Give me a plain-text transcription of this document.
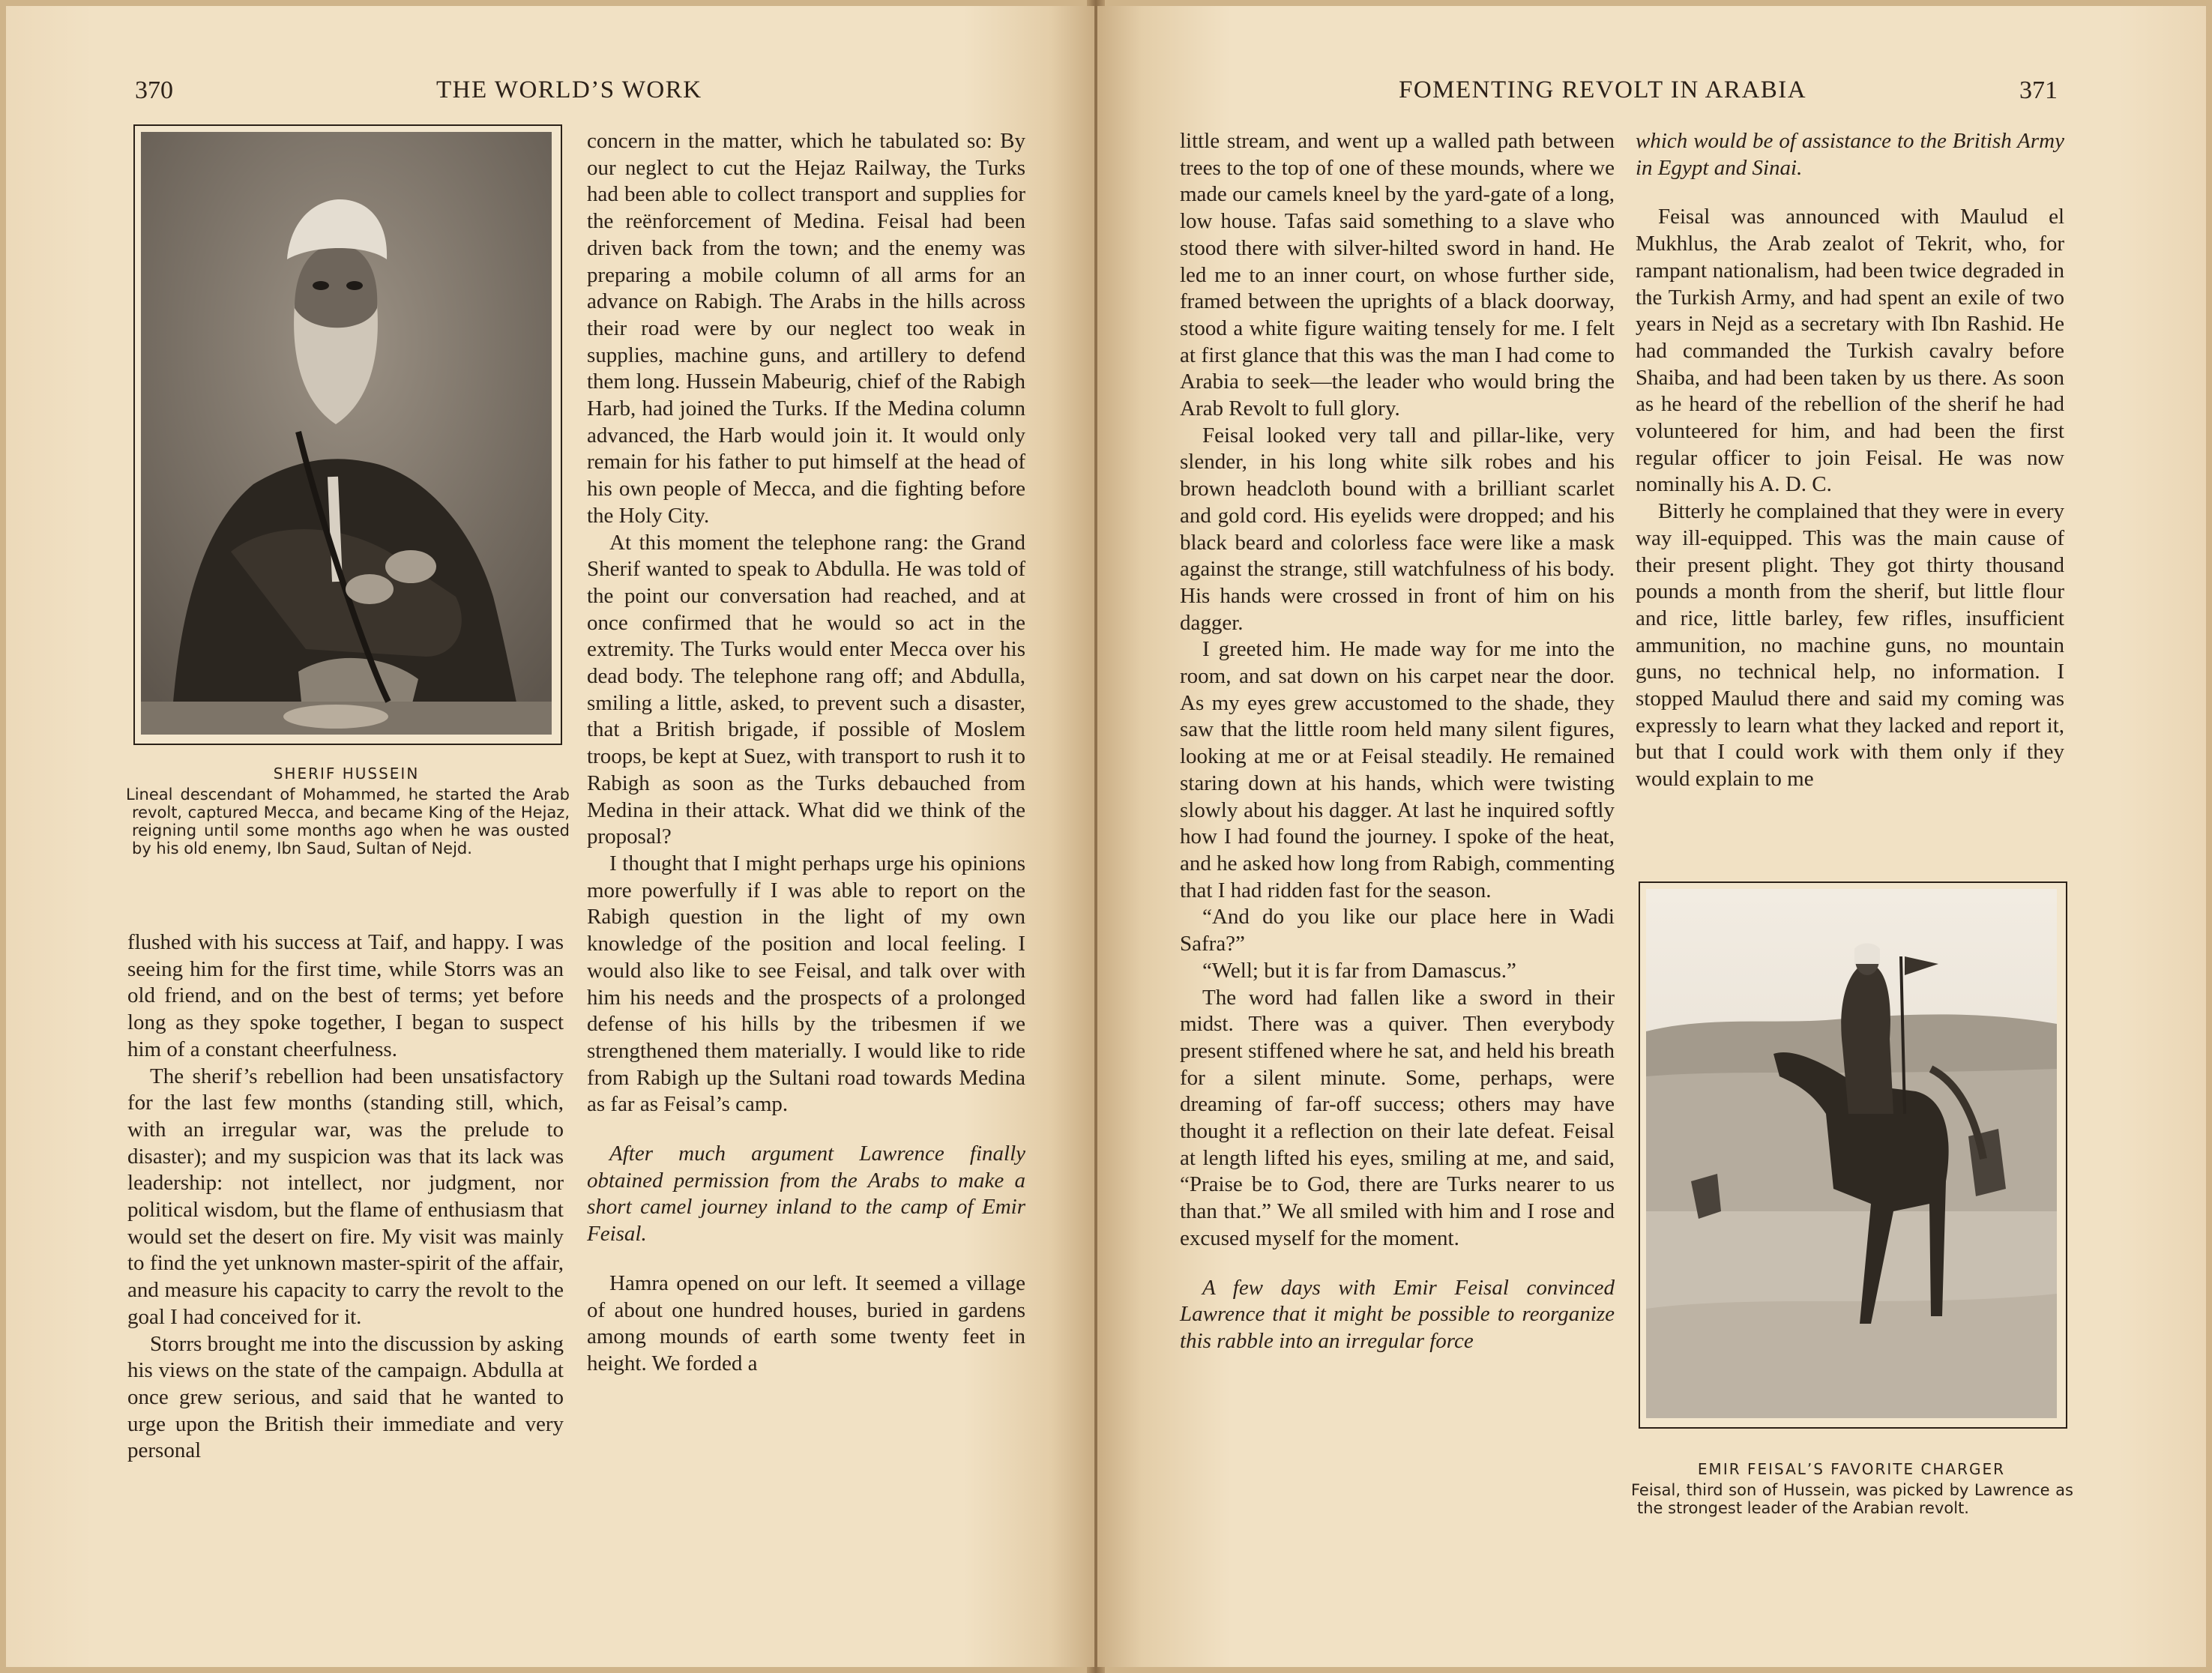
370	THE WORLD’S WORK
SHERIF HUSSEIN
Lineal descendant of Mohammed, he started the Arab revolt, captured Mecca, and became King of the Hejaz, reigning until some months ago when he was ousted by his old enemy, Ibn Saud, Sultan of Nejd.

flushed with his success at Taif, and happy. I was seeing him for the first time, while Storrs was an old friend, and on the best of terms; yet before long as they spoke together, I began to suspect him of a constant cheerfulness.

The sherif’s rebellion had been unsatisfactory for the last few months (standing still, which, with an irregular war, was the prelude to disaster); and my suspicion was that its lack was leadership: not intellect, nor judgment, nor political wisdom, but the flame of enthusiasm that would set the desert on fire. My visit was mainly to find the yet unknown master-spirit of the affair, and measure his capacity to carry the revolt to the goal I had conceived for it.

Storrs brought me into the discussion by asking his views on the state of the campaign. Abdulla at once grew serious, and said that he wanted to urge upon the British their immediate and very personal

concern in the matter, which he tabulated so: By our neglect to cut the Hejaz Railway, the Turks had been able to collect transport and supplies for the reënforcement of Medina. Feisal had been driven back from the town; and the enemy was preparing a mobile column of all arms for an advance on Rabigh. The Arabs in the hills across their road were by our neglect too weak in supplies, machine guns, and artillery to defend them long. Hussein Mabeurig, chief of the Rabigh Harb, had joined the Turks. If the Medina column advanced, the Harb would join it. It would only remain for his father to put himself at the head of his own people of Mecca, and die fighting before the Holy City.

At this moment the telephone rang: the Grand Sherif wanted to speak to Abdulla. He was told of the point our conversation had reached, and at once confirmed that he would so act in the extremity. The Turks would enter Mecca over his dead body. The telephone rang off; and Abdulla, smiling a little, asked, to prevent such a disaster, that a British brigade, if possible of Moslem troops, be kept at Suez, with transport to rush it to Rabigh as soon as the Turks debauched from Medina in their attack. What did we think of the proposal?

I thought that I might perhaps urge his opinions more powerfully if I was able to report on the Rabigh question in the light of my own knowledge of the position and local feeling. I would also like to see Feisal, and talk over with him his needs and the prospects of a prolonged defense of his hills by the tribesmen if we strengthened them materially. I would like to ride from Rabigh up the Sultani road towards Medina as far as Feisal’s camp.

After much argument Lawrence finally obtained permission from the Arabs to make a short camel journey inland to the camp of Emir Feisal.

Hamra opened on our left. It seemed a village of about one hundred houses, buried in gardens among mounds of earth some twenty feet in height. We forded a

FOMENTING REVOLT IN ARABIA	371

little stream, and went up a walled path between trees to the top of one of these mounds, where we made our camels kneel by the yard-gate of a long, low house. Tafas said something to a slave who stood there with silver-hilted sword in hand. He led me to an inner court, on whose further side, framed between the uprights of a black doorway, stood a white figure waiting tensely for me. I felt at first glance that this was the man I had come to Arabia to seek—the leader who would bring the Arab Revolt to full glory.

Feisal looked very tall and pillar-like, very slender, in his long white silk robes and his brown headcloth bound with a brilliant scarlet and gold cord. His eyelids were dropped; and his black beard and colorless face were like a mask against the strange, still watchfulness of his body. His hands were crossed in front of him on his dagger.

I greeted him. He made way for me into the room, and sat down on his carpet near the door. As my eyes grew accustomed to the shade, they saw that the little room held many silent figures, looking at me or at Feisal steadily. He remained staring down at his hands, which were twisting slowly about his dagger. At last he inquired softly how I had found the journey. I spoke of the heat, and he asked how long from Rabigh, commenting that I had ridden fast for the season.

“And do you like our place here in Wadi Safra?”

“Well; but it is far from Damascus.”

The word had fallen like a sword in their midst. There was a quiver. Then everybody present stiffened where he sat, and held his breath for a silent minute. Some, perhaps, were dreaming of far-off success; others may have thought it a reflection on their late defeat. Feisal at length lifted his eyes, smiling at me, and said, “Praise be to God, there are Turks nearer to us than that.” We all smiled with him and I rose and excused myself for the moment.

A few days with Emir Feisal convinced Lawrence that it might be possible to reorganize this rabble into an irregular force

which would be of assistance to the British Army in Egypt and Sinai.

Feisal was announced with Maulud el Mukhlus, the Arab zealot of Tekrit, who, for rampant nationalism, had been twice degraded in the Turkish Army, and had spent an exile of two years in Nejd as a secretary with Ibn Rashid. He had commanded the Turkish cavalry before Shaiba, and had been taken by us there. As soon as he heard of the rebellion of the sherif he had volunteered for him, and had been the first regular officer to join Feisal. He was now nominally his A. D. C.

Bitterly he complained that they were in every way ill-equipped. This was the main cause of their present plight. They got thirty thousand pounds a month from the sherif, but little flour and rice, little barley, few rifles, insufficient ammunition, no machine guns, no mountain guns, no technical help, no information. I stopped Maulud there and said my coming was expressly to learn what they lacked and report it, but that I could work with them only if they would explain to me

EMIR FEISAL’S FAVORITE CHARGER
Feisal, third son of Hussein, was picked by Lawrence as the strongest leader of the Arabian revolt.
